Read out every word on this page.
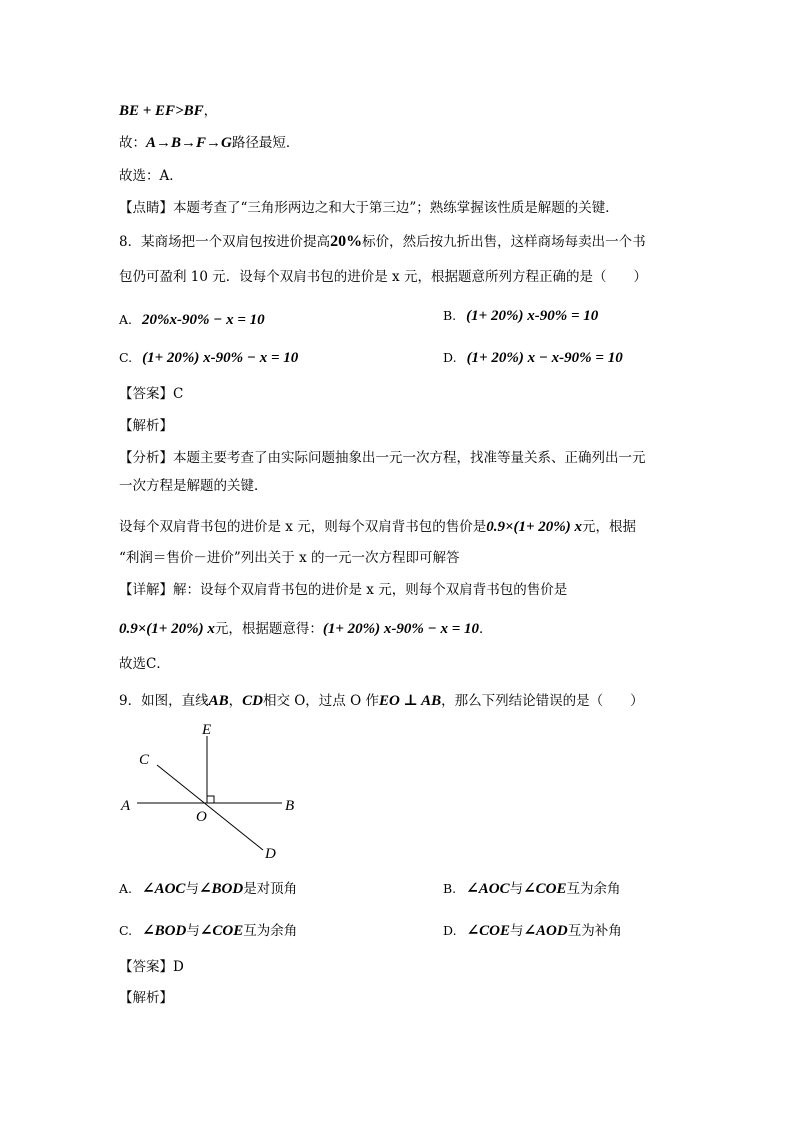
BE + EF>BF，
故：A→B→F→G路径最短．
故选：A．
【点睛】本题考查了“三角形两边之和大于第三边”；熟练掌握该性质是解题的关键．
8．某商场把一个双肩包按进价提高20%标价，然后按九折出售，这样商场每卖出一个书
包仍可盈利 10 元．设每个双肩书包的进价是 x 元，根据题意所列方程正确的是（　　）
A. 20%x-90% − x = 10	B. (1+ 20%) x-90% = 10
C. (1+ 20%) x-90% − x = 10	D. (1+ 20%) x − x-90% = 10
【答案】C
【解析】
【分析】本题主要考查了由实际问题抽象出一元一次方程，找准等量关系、正确列出一元
一次方程是解题的关键．
设每个双肩背书包的进价是 x 元，则每个双肩背书包的售价是0.9×(1+ 20%) x元，根据
“利润＝售价－进价”列出关于 x 的一元一次方程即可解答
【详解】解：设每个双肩背书包的进价是 x 元，则每个双肩背书包的售价是
0.9×(1+ 20%) x元，根据题意得：(1+ 20%) x-90% − x = 10．
故选C．
9．如图，直线AB，CD相交 O，过点 O 作EO ⊥ AB，那么下列结论错误的是（　　）
E
C
A	B
O
D
A. ∠AOC与∠BOD是对顶角	B. ∠AOC与∠COE互为余角
C. ∠BOD与∠COE互为余角	D. ∠COE与∠AOD互为补角
【答案】D
【解析】
